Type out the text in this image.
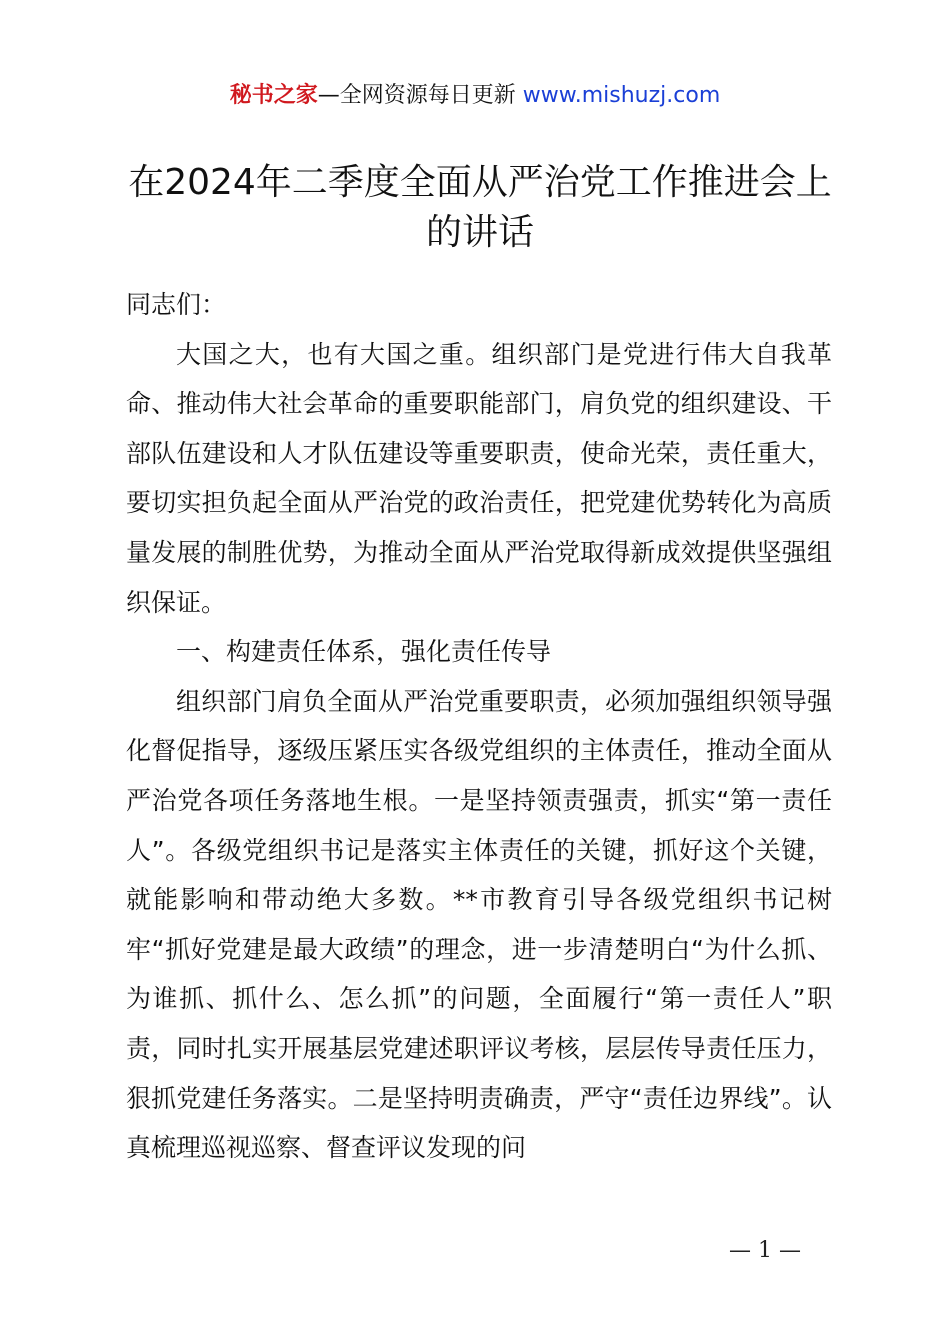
秘书之家—全网资源每日更新 www.mishuzj.com
在2024年二季度全面从严治党工作推进会上的讲话

同志们：

大国之大，也有大国之重。组织部门是党进行伟大自我革命、推动伟大社会革命的重要职能部门，肩负党的组织建设、干部队伍建设和人才队伍建设等重要职责，使命光荣，责任重大，要切实担负起全面从严治党的政治责任，把党建优势转化为高质量发展的制胜优势，为推动全面从严治党取得新成效提供坚强组织保证。

一、构建责任体系，强化责任传导

组织部门肩负全面从严治党重要职责，必须加强组织领导强化督促指导，逐级压紧压实各级党组织的主体责任，推动全面从严治党各项任务落地生根。一是坚持领责强责，抓实“第一责任人”。各级党组织书记是落实主体责任的关键，抓好这个关键，就能影响和带动绝大多数。**市教育引导各级党组织书记树牢“抓好党建是最大政绩”的理念，进一步清楚明白“为什么抓、为谁抓、抓什么、怎么抓”的问题，全面履行“第一责任人”职责，同时扎实开展基层党建述职评议考核，层层传导责任压力，狠抓党建任务落实。二是坚持明责确责，严守“责任边界线”。认真梳理巡视巡察、督查评议发现的问

— 1 —
